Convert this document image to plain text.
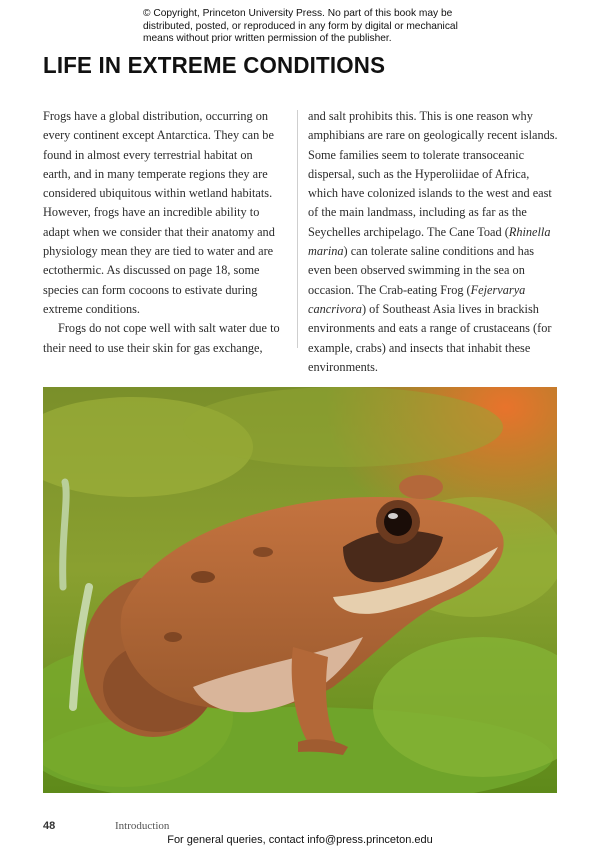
© Copyright, Princeton University Press. No part of this book may be distributed, posted, or reproduced in any form by digital or mechanical means without prior written permission of the publisher.
LIFE IN EXTREME CONDITIONS

Frogs have a global distribution, occurring on every continent except Antarctica. They can be found in almost every terrestrial habitat on earth, and in many temperate regions they are considered ubiquitous within wetland habitats. However, frogs have an incredible ability to adapt when we consider that their anatomy and physiology mean they are tied to water and are ectothermic. As discussed on page 18, some species can form cocoons to estivate during extreme conditions.

Frogs do not cope well with salt water due to their need to use their skin for gas exchange,

and salt prohibits this. This is one reason why amphibians are rare on geologically recent islands. Some families seem to tolerate transoceanic dispersal, such as the Hyperoliidae of Africa, which have colonized islands to the west and east of the main landmass, including as far as the Seychelles archipelago. The Cane Toad (Rhinella marina) can tolerate saline conditions and has even been observed swimming in the sea on occasion. The Crab-eating Frog (Fejervarya cancrivora) of Southeast Asia lives in brackish environments and eats a range of crustaceans (for example, crabs) and insects that inhabit these environments.

48	Introduction
For general queries, contact info@press.princeton.edu
